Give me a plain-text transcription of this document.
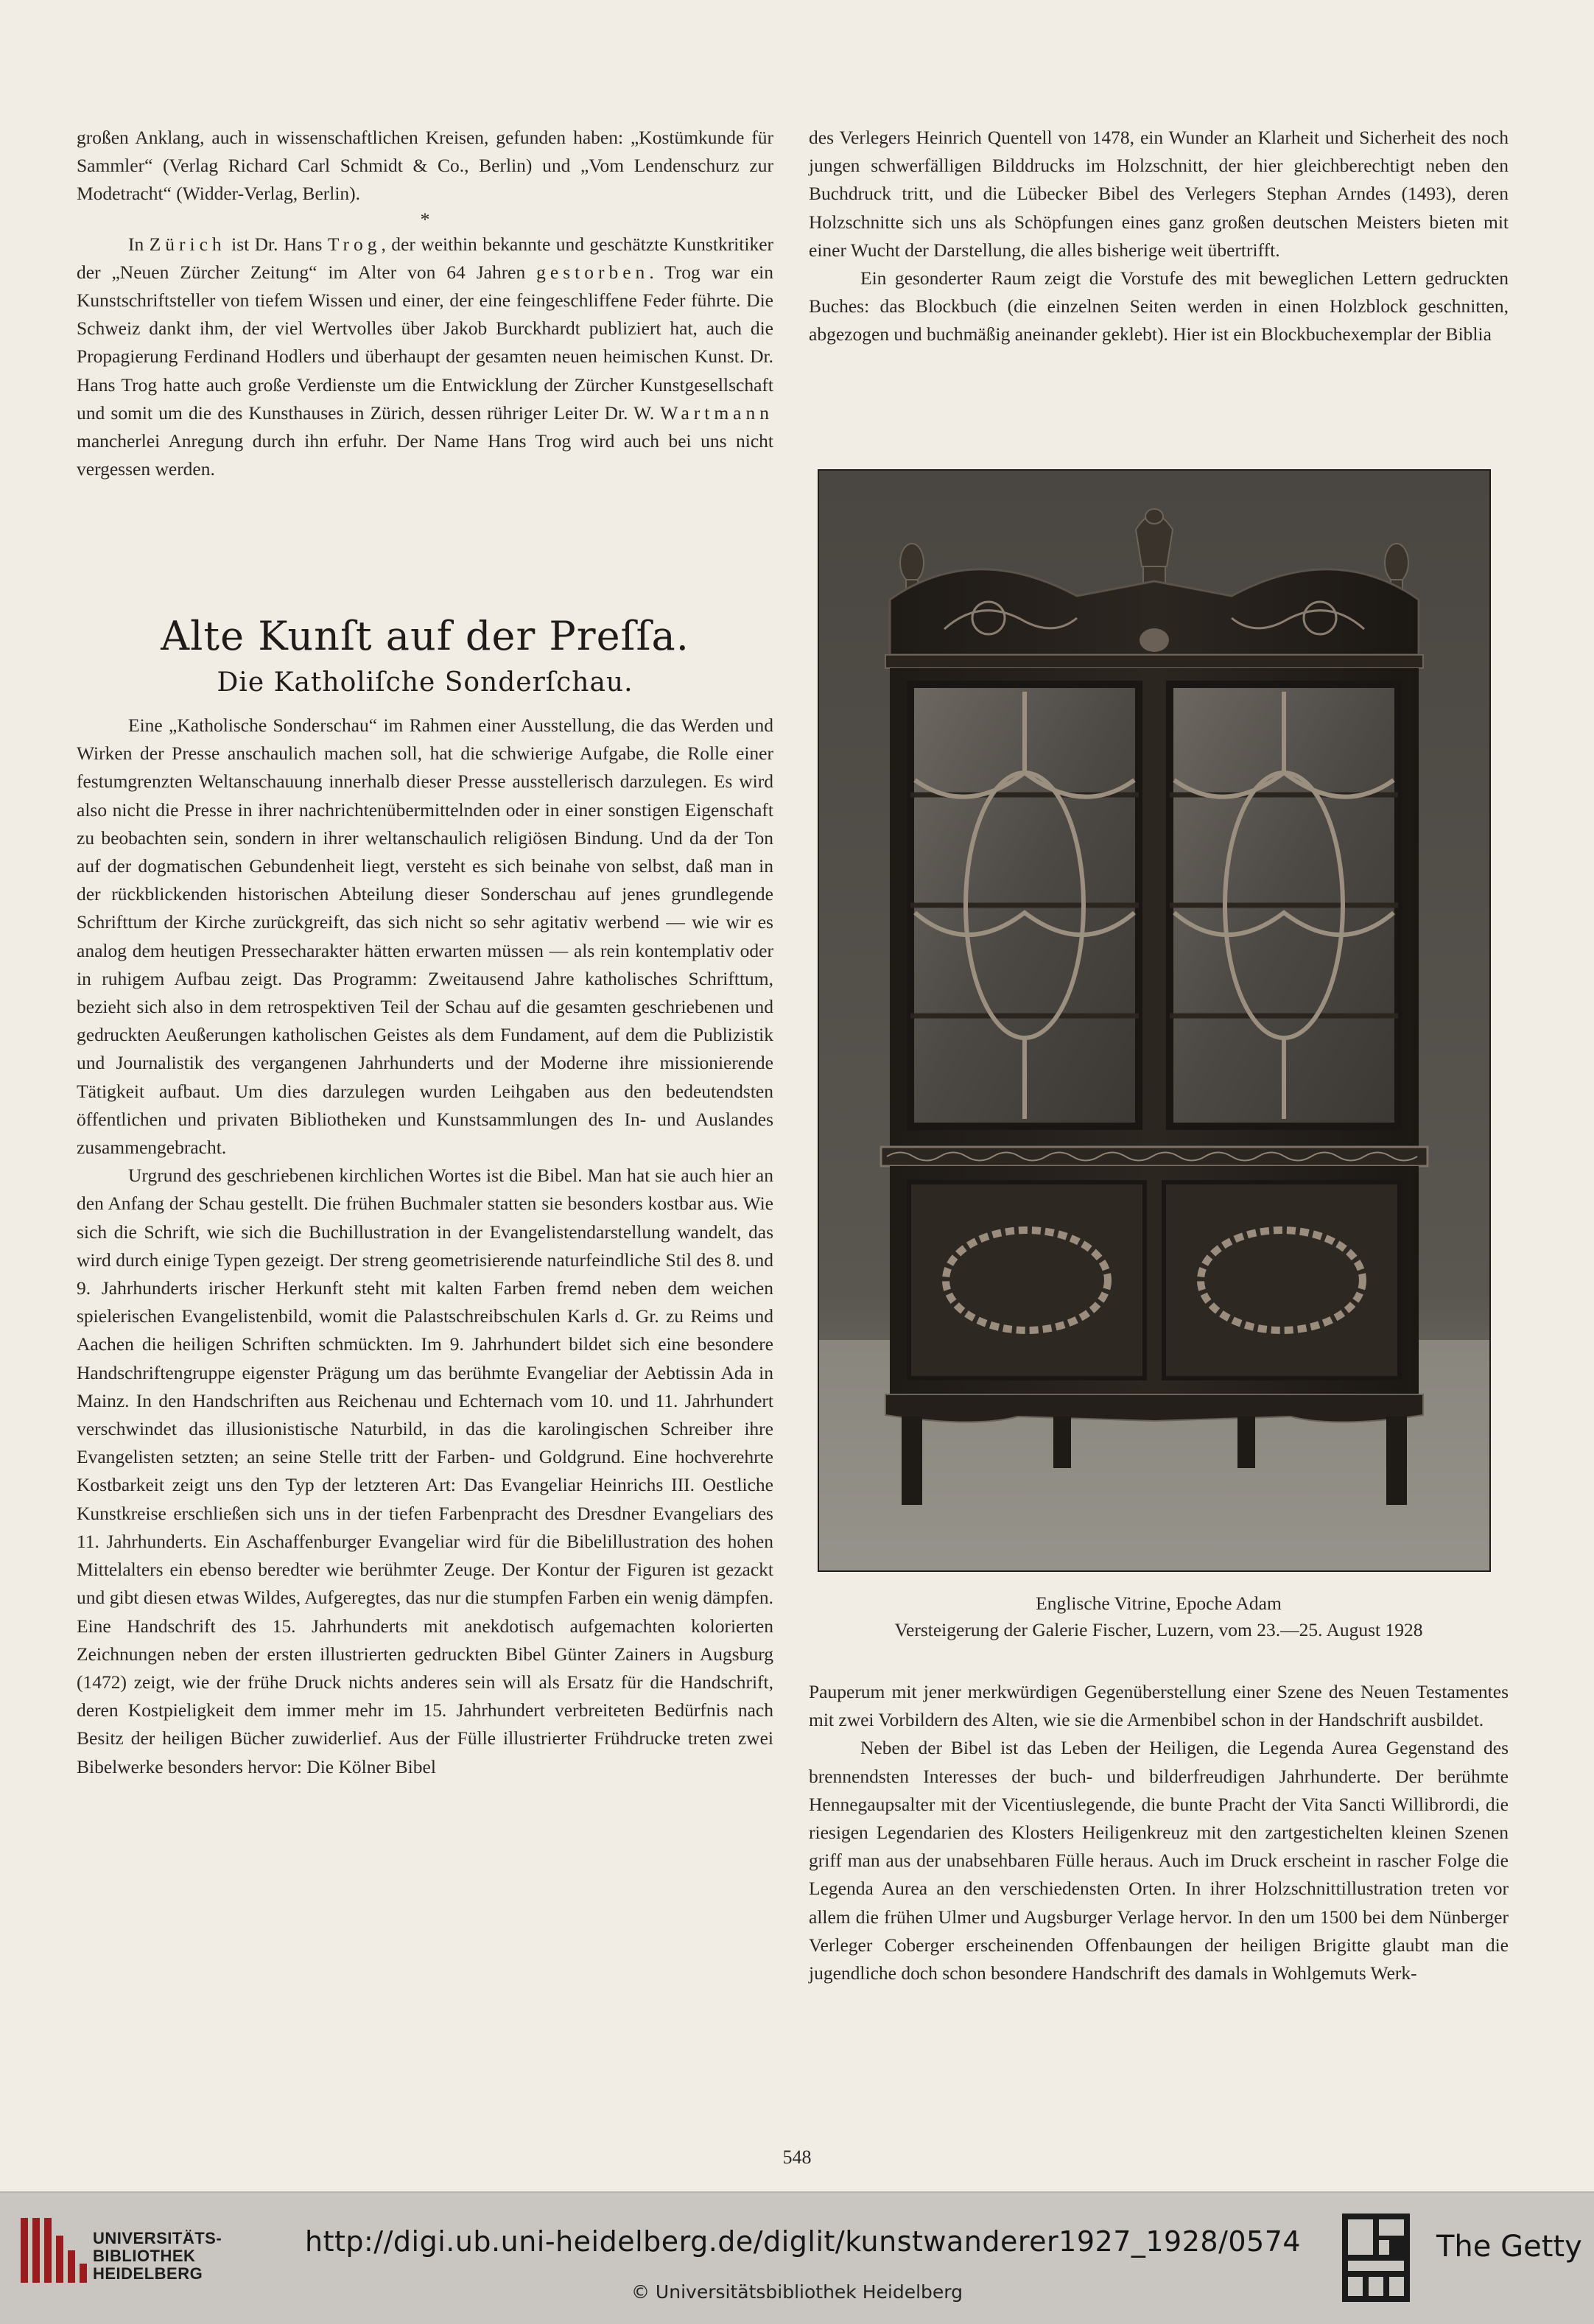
großen Anklang, auch in wissenschaftlichen Kreisen, gefunden haben: „Kostümkunde für Sammler“ (Verlag Richard Carl Schmidt & Co., Berlin) und „Vom Lendenschurz zur Modetracht“ (Widder-Verlag, Berlin).

*

In Zürich ist Dr. Hans Trog, der weithin bekannte und geschätzte Kunstkritiker der „Neuen Zürcher Zeitung“ im Alter von 64 Jahren gestorben. Trog war ein Kunstschriftsteller von tiefem Wissen und einer, der eine feingeschliffene Feder führte. Die Schweiz dankt ihm, der viel Wertvolles über Jakob Burckhardt publiziert hat, auch die Propagierung Ferdinand Hodlers und überhaupt der gesamten neuen heimischen Kunst. Dr. Hans Trog hatte auch große Verdienste um die Entwicklung der Zürcher Kunstgesellschaft und somit um die des Kunsthauses in Zürich, dessen rühriger Leiter Dr. W. Wartmann mancherlei Anregung durch ihn erfuhr. Der Name Hans Trog wird auch bei uns nicht vergessen werden.

Alte Kunſt auf der Preſſa.
Die Katholiſche Sonderſchau.

Eine „Katholische Sonderschau“ im Rahmen einer Ausstellung, die das Werden und Wirken der Presse anschaulich machen soll, hat die schwierige Aufgabe, die Rolle einer festumgrenzten Weltanschauung innerhalb dieser Presse ausstellerisch darzulegen. Es wird also nicht die Presse in ihrer nachrichtenübermittelnden oder in einer sonstigen Eigenschaft zu beobachten sein, sondern in ihrer weltanschaulich religiösen Bindung. Und da der Ton auf der dogmatischen Gebundenheit liegt, versteht es sich beinahe von selbst, daß man in der rückblickenden historischen Abteilung dieser Sonderschau auf jenes grundlegende Schrifttum der Kirche zurückgreift, das sich nicht so sehr agitativ werbend — wie wir es analog dem heutigen Pressecharakter hätten erwarten müssen — als rein kontemplativ oder in ruhigem Aufbau zeigt. Das Programm: Zweitausend Jahre katholisches Schrifttum, bezieht sich also in dem retrospektiven Teil der Schau auf die gesamten geschriebenen und gedruckten Aeußerungen katholischen Geistes als dem Fundament, auf dem die Publizistik und Journalistik des vergangenen Jahrhunderts und der Moderne ihre missionierende Tätigkeit aufbaut. Um dies darzulegen wurden Leihgaben aus den bedeutendsten öffentlichen und privaten Bibliotheken und Kunstsammlungen des In- und Auslandes zusammengebracht.

Urgrund des geschriebenen kirchlichen Wortes ist die Bibel. Man hat sie auch hier an den Anfang der Schau gestellt. Die frühen Buchmaler statten sie besonders kostbar aus. Wie sich die Schrift, wie sich die Buchillustration in der Evangelistendarstellung wandelt, das wird durch einige Typen gezeigt. Der streng geometrisierende naturfeindliche Stil des 8. und 9. Jahrhunderts irischer Herkunft steht mit kalten Farben fremd neben dem weichen spielerischen Evangelistenbild, womit die Palastschreibschulen Karls d. Gr. zu Reims und Aachen die heiligen Schriften schmückten. Im 9. Jahrhundert bildet sich eine besondere Handschriftengruppe eigenster Prägung um das berühmte Evangeliar der Aebtissin Ada in Mainz. In den Handschriften aus Reichenau und Echternach vom 10. und 11. Jahrhundert verschwindet das illusionistische Naturbild, in das die karolingischen Schreiber ihre Evangelisten setzten; an seine Stelle tritt der Farben- und Goldgrund. Eine hochverehrte Kostbarkeit zeigt uns den Typ der letzteren Art: Das Evangeliar Heinrichs III. Oestliche Kunstkreise erschließen sich uns in der tiefen Farbenpracht des Dresdner Evangeliars des 11. Jahrhunderts. Ein Aschaffenburger Evangeliar wird für die Bibelillustration des hohen Mittelalters ein ebenso beredter wie berühmter Zeuge. Der Kontur der Figuren ist gezackt und gibt diesen etwas Wildes, Aufgeregtes, das nur die stumpfen Farben ein wenig dämpfen. Eine Handschrift des 15. Jahrhunderts mit anekdotisch aufgemachten kolorierten Zeichnungen neben der ersten illustrierten gedruckten Bibel Günter Zainers in Augsburg (1472) zeigt, wie der frühe Druck nichts anderes sein will als Ersatz für die Handschrift, deren Kostpieligkeit dem immer mehr im 15. Jahrhundert verbreiteten Bedürfnis nach Besitz der heiligen Bücher zuwiderlief. Aus der Fülle illustrierter Frühdrucke treten zwei Bibelwerke besonders hervor: Die Kölner Bibel

des Verlegers Heinrich Quentell von 1478, ein Wunder an Klarheit und Sicherheit des noch jungen schwerfälligen Bilddrucks im Holzschnitt, der hier gleichberechtigt neben den Buchdruck tritt, und die Lübecker Bibel des Verlegers Stephan Arndes (1493), deren Holzschnitte sich uns als Schöpfungen eines ganz großen deutschen Meisters bieten mit einer Wucht der Darstellung, die alles bisherige weit übertrifft.

Ein gesonderter Raum zeigt die Vorstufe des mit beweglichen Lettern gedruckten Buches: das Blockbuch (die einzelnen Seiten werden in einen Holzblock geschnitten, abgezogen und buchmäßig aneinander geklebt). Hier ist ein Blockbuchexemplar der Biblia

Englische Vitrine, Epoche Adam
Versteigerung der Galerie Fischer, Luzern, vom 23.—25. August 1928

Pauperum mit jener merkwürdigen Gegenüberstellung einer Szene des Neuen Testamentes mit zwei Vorbildern des Alten, wie sie die Armenbibel schon in der Handschrift ausbildet.

Neben der Bibel ist das Leben der Heiligen, die Legenda Aurea Gegenstand des brennendsten Interesses der buch- und bilderfreudigen Jahrhunderte. Der berühmte Hennegaupsalter mit der Vicentiuslegende, die bunte Pracht der Vita Sancti Willibrordi, die riesigen Legendarien des Klosters Heiligenkreuz mit den zartgestichelten kleinen Szenen griff man aus der unabsehbaren Fülle heraus. Auch im Druck erscheint in rascher Folge die Legenda Aurea an den verschiedensten Orten. In ihrer Holzschnittillustration treten vor allem die frühen Ulmer und Augsburger Verlage hervor. In den um 1500 bei dem Nünberger Verleger Coberger erscheinenden Offenbaungen der heiligen Brigitte glaubt man die jugendliche doch schon besondere Handschrift des damals in Wohlgemuts Werk-

548
UNIVERSITÄTS-
BIBLIOTHEK
HEIDELBERG
http://digi.ub.uni-heidelberg.de/diglit/kunstwanderer1927_1928/0574
© Universitätsbibliothek Heidelberg
The Getty
